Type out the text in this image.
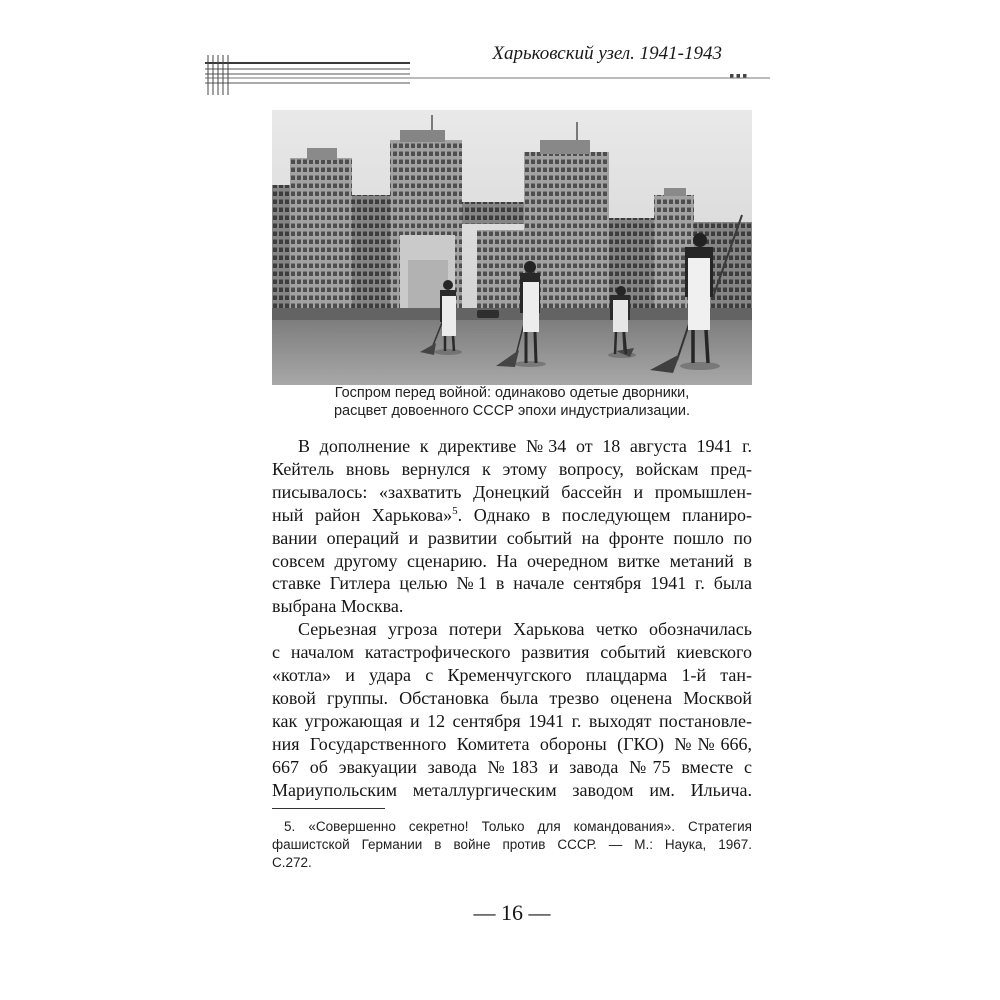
Харьковский узел. 1941-1943
Госпром перед войной: одинаково одетые дворники,
расцвет довоенного СССР эпохи индустриализации.
В дополнение к директиве №34 от 18 августа 1941 г.
Кейтель вновь вернулся к этому вопросу, войскам пред-
писывалось: «захватить Донецкий бассейн и промышлен-
ный район Харькова»$^5$. Однако в последующем планиро-
вании операций и развитии событий на фронте пошло по
совсем другому сценарию. На очередном витке метаний в
ставке Гитлера целью №1 в начале сентября 1941 г. была
выбрана Москва.
Серьезная угроза потери Харькова четко обозначилась
с началом катастрофического развития событий киевского
«котла» и удара с Кременчугского плацдарма 1-й тан-
ковой группы. Обстановка была трезво оценена Москвой
как угрожающая и 12 сентября 1941 г. выходят постановле-
ния Государственного Комитета обороны (ГКО) №№666,
667 об эвакуации завода №183 и завода №75 вместе с
Мариупольским металлургическим заводом им. Ильича.
5. «Совершенно секретно! Только для командования». Стратегия
фашистской Германии в войне против СССР. — М.: Наука, 1967.
С.272.
— 16 —
